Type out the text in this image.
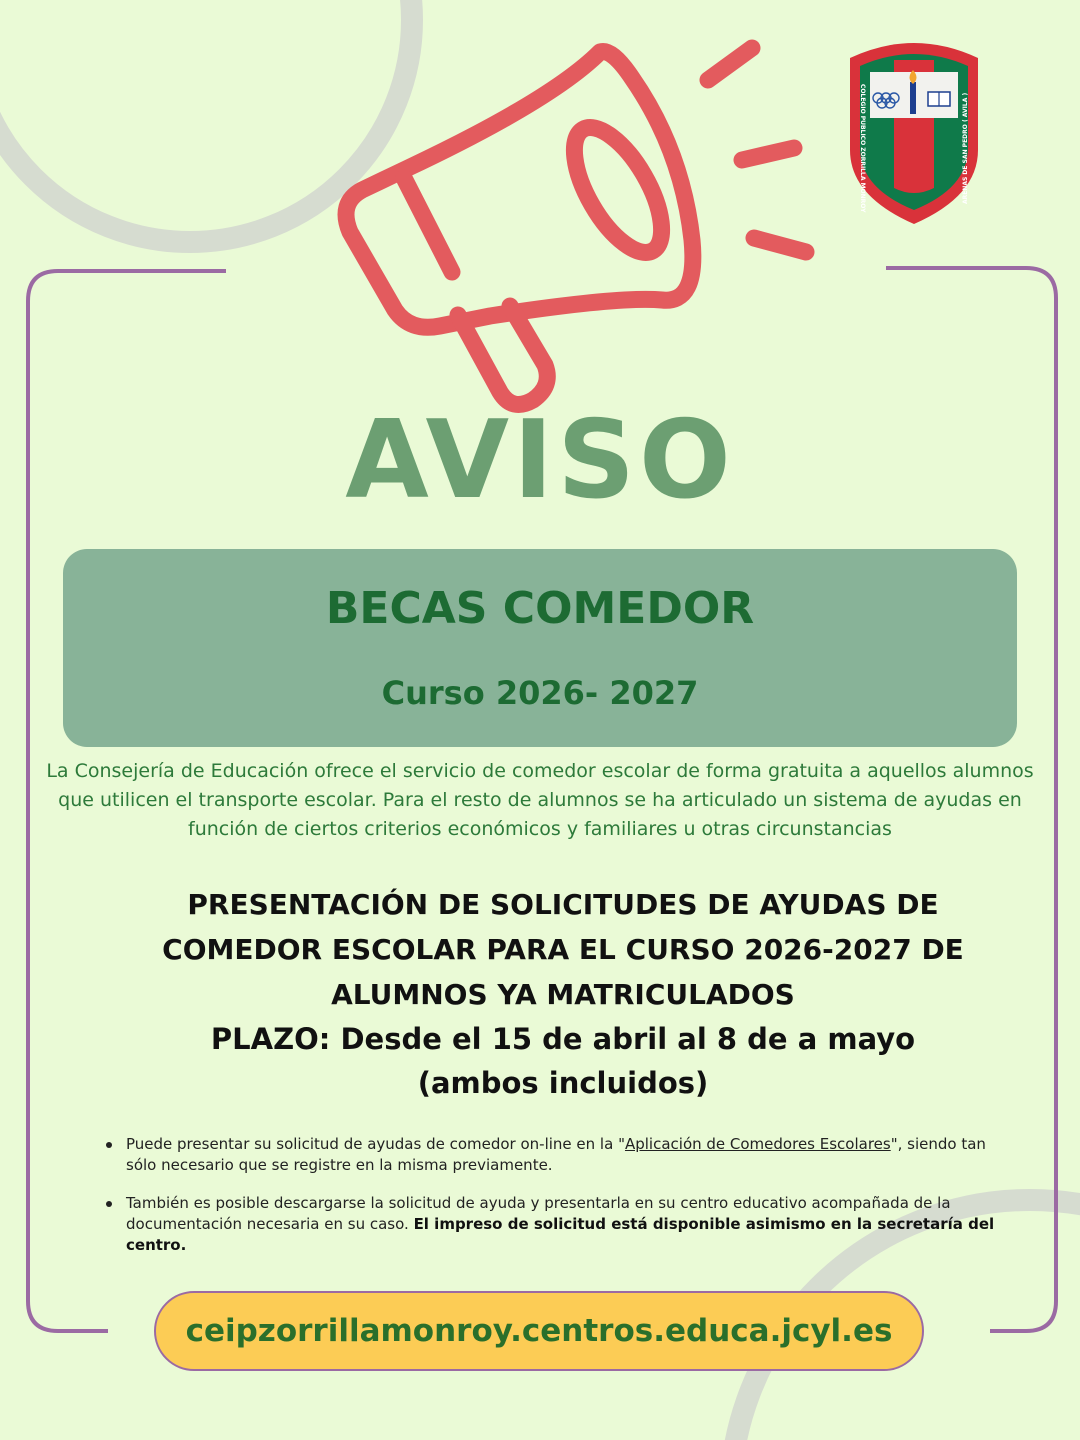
COLEGIO PUBLICO ZORRILLA MONROY	ARENAS DE SAN PEDRO ( AVILA )
AVISO
BECAS COMEDOR
Curso 2026- 2027
La Consejería de Educación ofrece el servicio de comedor escolar de forma gratuita a aquellos alumnos que utilicen el transporte escolar. Para el resto de alumnos se ha articulado un sistema de ayudas en función de ciertos criterios económicos y familiares u otras circunstancias
PRESENTACIÓN DE SOLICITUDES DE AYUDAS DE
COMEDOR ESCOLAR PARA EL CURSO 2026-2027 DE
ALUMNOS YA MATRICULADOS
PLAZO: Desde el 15 de abril al 8 de a mayo
(ambos incluidos)
Puede presentar su solicitud de ayudas de comedor on-line en la "Aplicación de Comedores Escolares", siendo tan sólo necesario que se registre en la misma previamente.
También es posible descargarse la solicitud de ayuda y presentarla en su centro educativo acompañada de la documentación necesaria en su caso. El impreso de solicitud está disponible asimismo en la secretaría del centro.
ceipzorrillamonroy.centros.educa.jcyl.es
